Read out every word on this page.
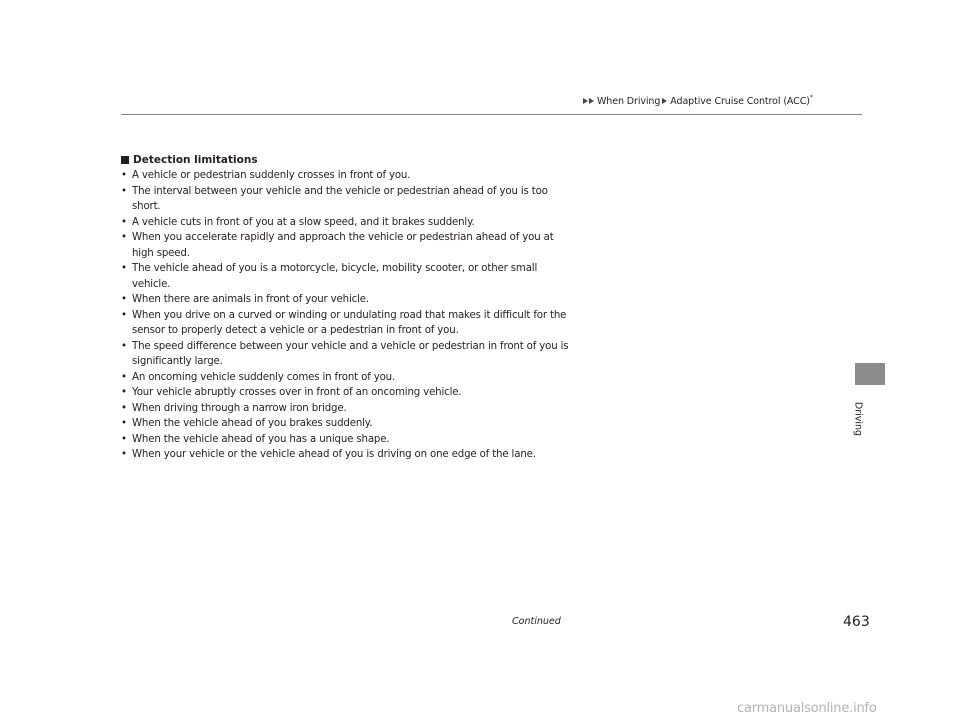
When Driving Adaptive Cruise Control (ACC)*
Detection limitations
• A vehicle or pedestrian suddenly crosses in front of you.
• The interval between your vehicle and the vehicle or pedestrian ahead of you is too short.
• A vehicle cuts in front of you at a slow speed, and it brakes suddenly.
• When you accelerate rapidly and approach the vehicle or pedestrian ahead of you at high speed.
• The vehicle ahead of you is a motorcycle, bicycle, mobility scooter, or other small vehicle.
• When there are animals in front of your vehicle.
• When you drive on a curved or winding or undulating road that makes it difficult for the sensor to properly detect a vehicle or a pedestrian in front of you.
• The speed difference between your vehicle and a vehicle or pedestrian in front of you is significantly large.
• An oncoming vehicle suddenly comes in front of you.
• Your vehicle abruptly crosses over in front of an oncoming vehicle.
• When driving through a narrow iron bridge.
• When the vehicle ahead of you brakes suddenly.
• When the vehicle ahead of you has a unique shape.
• When your vehicle or the vehicle ahead of you is driving on one edge of the lane.
Driving
Continued	463
carmanualsonline.info
